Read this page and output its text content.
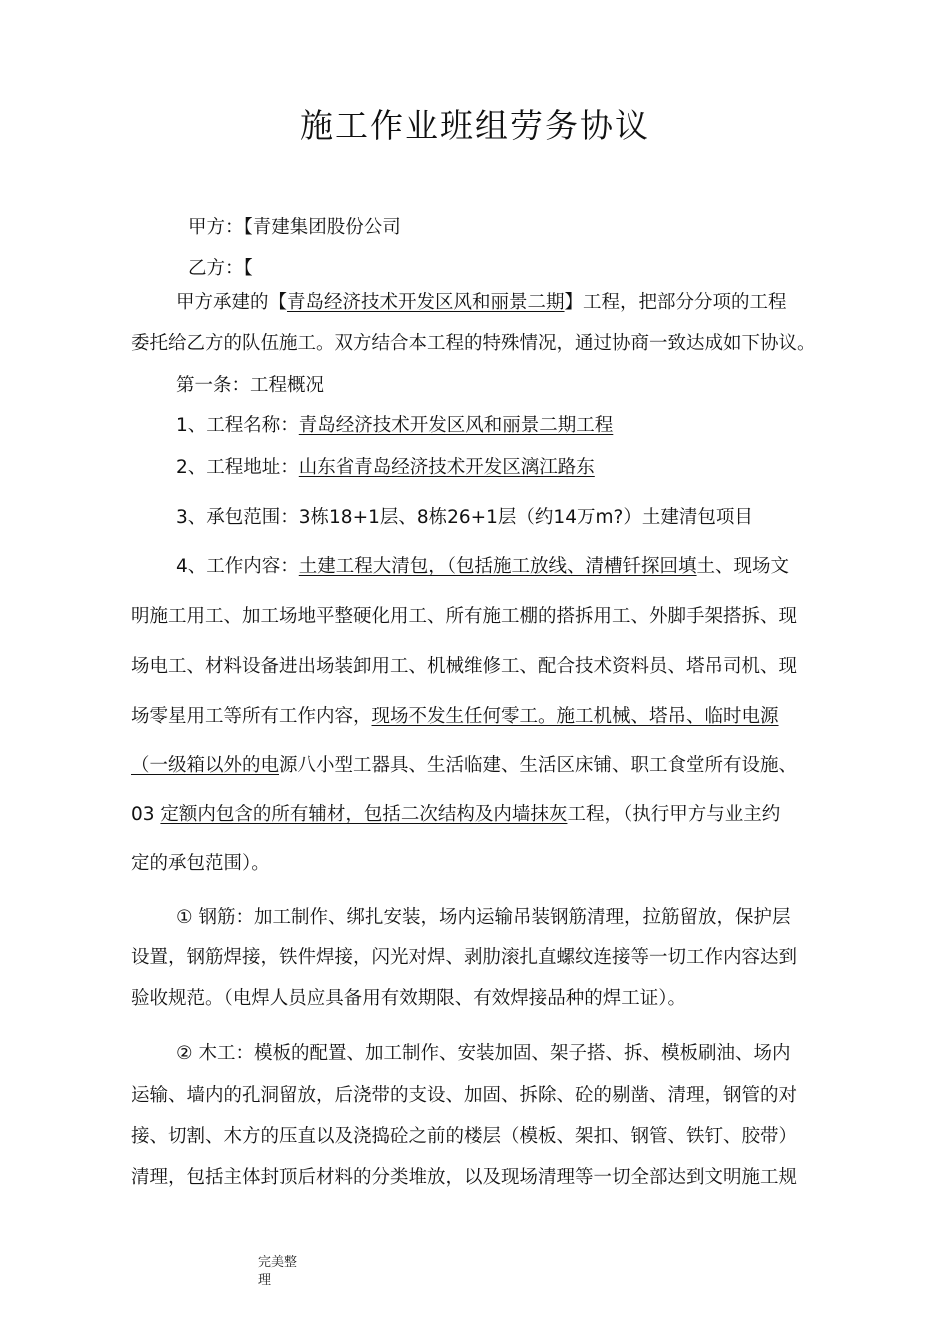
施工作业班组劳务协议
甲方：【青建集团股份公司
乙方：【
甲方承建的【青岛经济技术开发区风和丽景二期】工程，把部分分项的工程
委托给乙方的队伍施工。双方结合本工程的特殊情况，通过协商一致达成如下协议。
第一条：工程概况
1、工程名称：青岛经济技术开发区风和丽景二期工程
2、工程地址：山东省青岛经济技术开发区漓江路东
3、承包范围：3栋18+1层、8栋26+1层（约14万m?）土建清包项目
4、工作内容：土建工程大清包，（包括施工放线、清槽钎探回填土、现场文
明施工用工、加工场地平整硬化用工、所有施工棚的搭拆用工、外脚手架搭拆、现
场电工、材料设备进出场装卸用工、机械维修工、配合技术资料员、塔吊司机、现
场零星用工等所有工作内容，现场不发生任何零工。施工机械、塔吊、临时电源
（一级箱以外的电源八小型工器具、生活临建、生活区床铺、职工食堂所有设施、
03 定额内包含的所有辅材，包括二次结构及内墙抹灰工程，（执行甲方与业主约
定的承包范围）。
① 钢筋：加工制作、绑扎安装，场内运输吊装钢筋清理，拉筋留放，保护层
设置，钢筋焊接，铁件焊接，闪光对焊、剥肋滚扎直螺纹连接等一切工作内容达到
验收规范。（电焊人员应具备用有效期限、有效焊接品种的焊工证）。
② 木工：模板的配置、加工制作、安装加固、架子搭、拆、模板刷油、场内
运输、墙内的孔洞留放，后浇带的支设、加固、拆除、砼的剔凿、清理，钢管的对
接、切割、木方的压直以及浇捣砼之前的楼层（模板、架扣、钢管、铁钉、胶带）
清理，包括主体封顶后材料的分类堆放，以及现场清理等一切全部达到文明施工规
完美整
理
